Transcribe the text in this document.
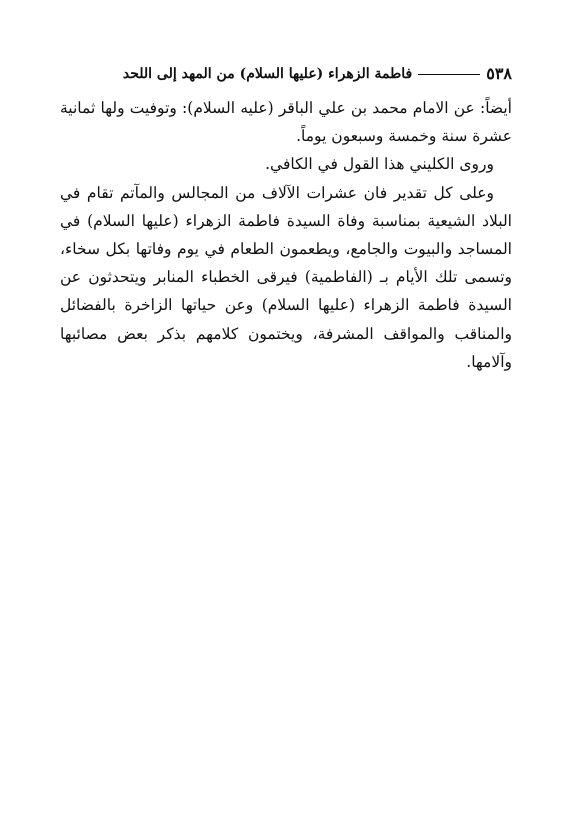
٥٣٨
فاطمة الزهراء (عليها السلام) من المهد إلى اللحد

أيضاً: عن الامام محمد بن علي الباقر (عليه السلام): وتوفيت ولها ثمانية عشرة سنة وخمسة وسبعون يوماً.

وروى الكليني هذا القول في الكافي.

وعلى كل تقدير فان عشرات الآلاف من المجالس والمآتم تقام في البلاد الشيعية بمناسبة وفاة السيدة فاطمة الزهراء (عليها السلام) في المساجد والبيوت والجامع، ويطعمون الطعام في يوم وفاتها بكل سخاء، وتسمى تلك الأيام بـ (الفاطمية) فيرقى الخطباء المنابر ويتحدثون عن السيدة فاطمة الزهراء (عليها السلام) وعن حياتها الزاخرة بالفضائل والمناقب والمواقف المشرفة، ويختمون كلامهم بذكر بعض مصائبها وآلامها.
